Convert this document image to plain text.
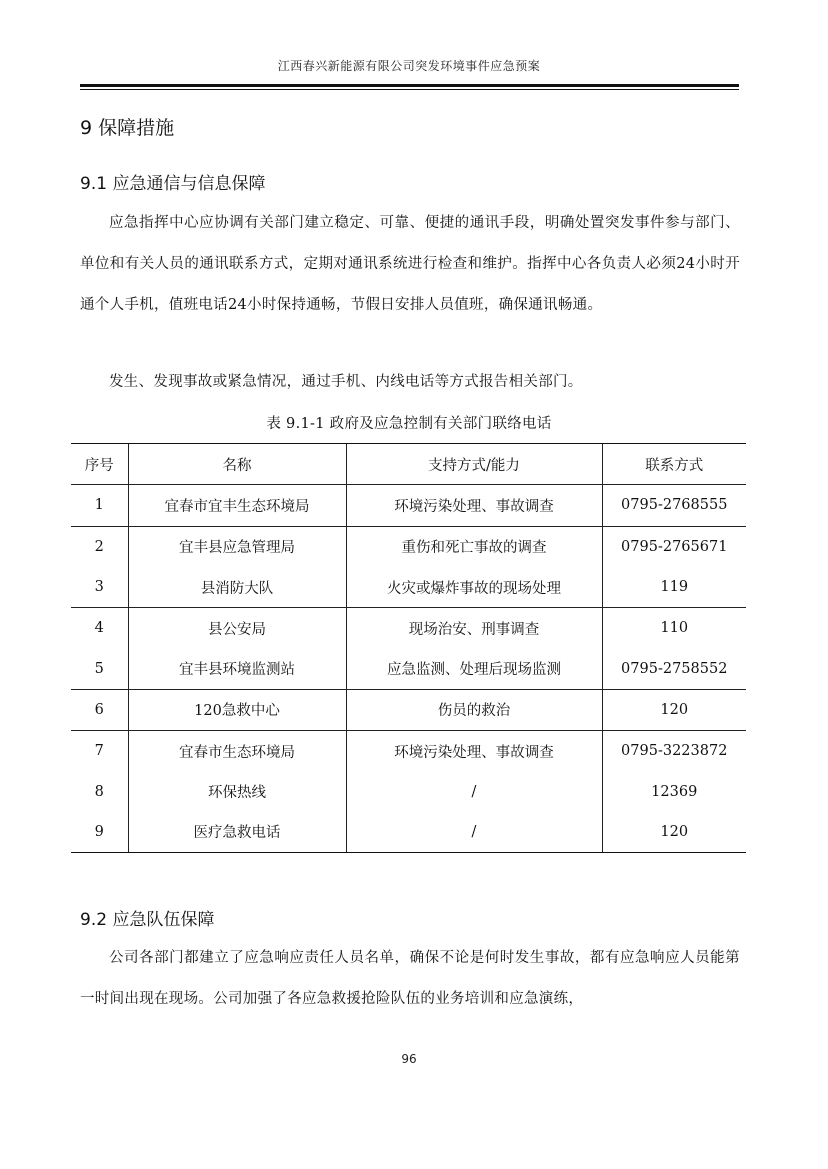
江西春兴新能源有限公司突发环境事件应急预案
9 保障措施
9.1 应急通信与信息保障

应急指挥中心应协调有关部门建立稳定、可靠、便捷的通讯手段，明确处置突发事件参与部门、单位和有关人员的通讯联系方式，定期对通讯系统进行检查和维护。指挥中心各负责人必须24小时开通个人手机，值班电话24小时保持通畅，节假日安排人员值班，确保通讯畅通。

发生、发现事故或紧急情况，通过手机、内线电话等方式报告相关部门。

表 9.1-1 政府及应急控制有关部门联络电话
序号	名称	支持方式/能力	联系方式
1	宜春市宜丰生态环境局	环境污染处理、事故调查	0795-2768555
2	宜丰县应急管理局	重伤和死亡事故的调查	0795-2765671
3	县消防大队	火灾或爆炸事故的现场处理	119
4	县公安局	现场治安、刑事调查	110
5	宜丰县环境监测站	应急监测、处理后现场监测	0795-2758552
6	120急救中心	伤员的救治	120
7	宜春市生态环境局	环境污染处理、事故调查	0795-3223872
8	环保热线	/	12369
9	医疗急救电话	/	120
9.2 应急队伍保障

公司各部门都建立了应急响应责任人员名单，确保不论是何时发生事故，都有应急响应人员能第一时间出现在现场。公司加强了各应急救援抢险队伍的业务培训和应急演练，

96
